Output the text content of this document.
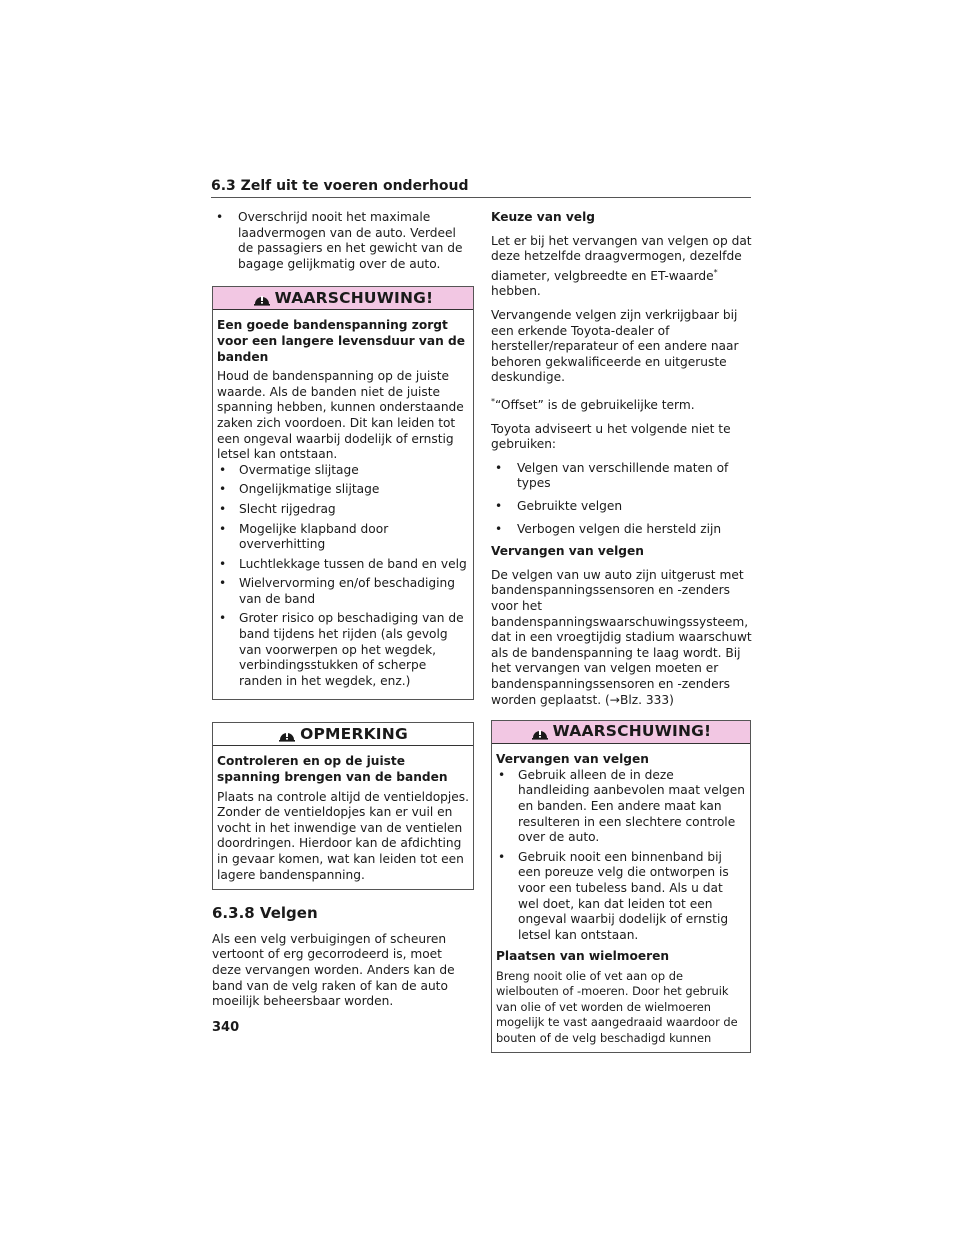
6.3 Zelf uit te voeren onderhoud

• Overschrijd nooit het maximale laadvermogen van de auto. Verdeel de passagiers en het gewicht van de bagage gelijkmatig over de auto.

WAARSCHUWING!

Een goede bandenspanning zorgt voor een langere levensduur van de banden

Houd de bandenspanning op de juiste waarde. Als de banden niet de juiste spanning hebben, kunnen onderstaande zaken zich voordoen. Dit kan leiden tot een ongeval waarbij dodelijk of ernstig letsel kan ontstaan.

• Overmatige slijtage

• Ongelijkmatige slijtage

• Slecht rijgedrag

• Mogelijke klapband door oververhitting

• Luchtlekkage tussen de band en velg

• Wielvervorming en/of beschadiging van de band

• Groter risico op beschadiging van de band tijdens het rijden (als gevolg van voorwerpen op het wegdek, verbindingsstukken of scherpe randen in het wegdek, enz.)

OPMERKING

Controleren en op de juiste spanning brengen van de banden

Plaats na controle altijd de ventieldopjes. Zonder de ventieldopjes kan er vuil en vocht in het inwendige van de ventielen doordringen. Hierdoor kan de afdichting in gevaar komen, wat kan leiden tot een lagere bandenspanning.

6.3.8 Velgen

Als een velg verbuigingen of scheuren vertoont of erg gecorrodeerd is, moet deze vervangen worden. Anders kan de band van de velg raken of kan de auto moeilijk beheersbaar worden.

Keuze van velg

Let er bij het vervangen van velgen op dat deze hetzelfde draagvermogen, dezelfde diameter, velgbreedte en ET-waarde* hebben.

Vervangende velgen zijn verkrijgbaar bij een erkende Toyota-dealer of hersteller/reparateur of een andere naar behoren gekwalificeerde en uitgeruste deskundige.

*“Offset” is de gebruikelijke term.

Toyota adviseert u het volgende niet te gebruiken:

• Velgen van verschillende maten of types

• Gebruikte velgen

• Verbogen velgen die hersteld zijn

Vervangen van velgen

De velgen van uw auto zijn uitgerust met bandenspanningssensoren en -zenders voor het bandenspanningswaarschuwingssysteem, dat in een vroegtijdig stadium waarschuwt als de bandenspanning te laag wordt. Bij het vervangen van velgen moeten er bandenspanningssensoren en -zenders worden geplaatst. (→Blz. 333)

WAARSCHUWING!

Vervangen van velgen

• Gebruik alleen de in deze handleiding aanbevolen maat velgen en banden. Een andere maat kan resulteren in een slechtere controle over de auto.

• Gebruik nooit een binnenband bij een poreuze velg die ontworpen is voor een tubeless band. Als u dat wel doet, kan dat leiden tot een ongeval waarbij dodelijk of ernstig letsel kan ontstaan.

Plaatsen van wielmoeren

Breng nooit olie of vet aan op de wielbouten of -moeren. Door het gebruik van olie of vet worden de wielmoeren mogelijk te vast aangedraaid waardoor de bouten of de velg beschadigd kunnen

340
